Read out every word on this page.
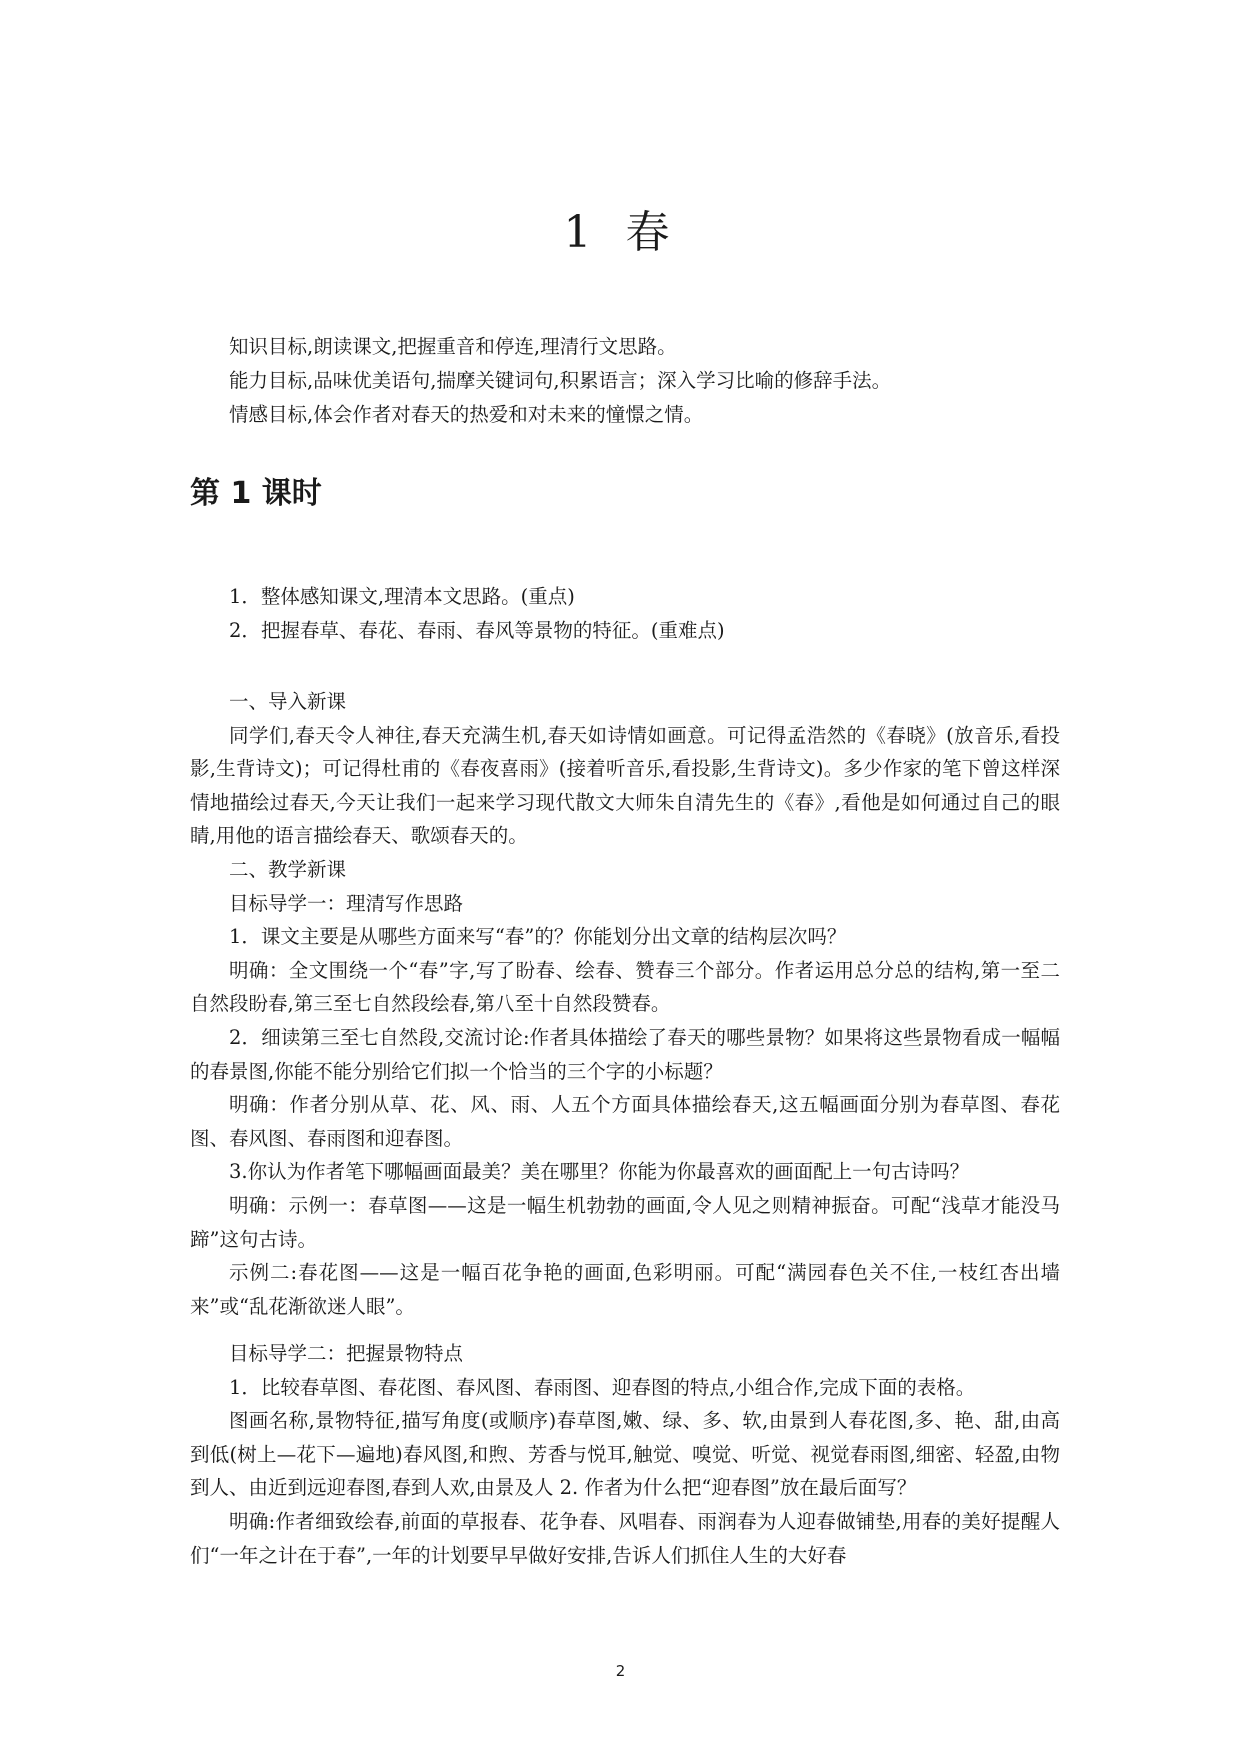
1 春

知识目标,朗读课文,把握重音和停连,理清行文思路。

能力目标,品味优美语句,揣摩关键词句,积累语言；深入学习比喻的修辞手法。

情感目标,体会作者对春天的热爱和对未来的憧憬之情。

第 1 课时

1．整体感知课文,理清本文思路。(重点)

2．把握春草、春花、春雨、春风等景物的特征。(重难点)

一、导入新课

同学们,春天令人神往,春天充满生机,春天如诗情如画意。可记得孟浩然的《春晓》(放音乐,看投影,生背诗文)；可记得杜甫的《春夜喜雨》(接着听音乐,看投影,生背诗文)。多少作家的笔下曾这样深情地描绘过春天,今天让我们一起来学习现代散文大师朱自清先生的《春》,看他是如何通过自己的眼睛,用他的语言描绘春天、歌颂春天的。

二、教学新课

目标导学一：理清写作思路

1．课文主要是从哪些方面来写“春”的？你能划分出文章的结构层次吗？

明确：全文围绕一个“春”字,写了盼春、绘春、赞春三个部分。作者运用总分总的结构,第一至二自然段盼春,第三至七自然段绘春,第八至十自然段赞春。

2．细读第三至七自然段,交流讨论:作者具体描绘了春天的哪些景物？如果将这些景物看成一幅幅的春景图,你能不能分别给它们拟一个恰当的三个字的小标题？

明确：作者分别从草、花、风、雨、人五个方面具体描绘春天,这五幅画面分别为春草图、春花图、春风图、春雨图和迎春图。

3.你认为作者笔下哪幅画面最美？美在哪里？你能为你最喜欢的画面配上一句古诗吗？

明确：示例一：春草图——这是一幅生机勃勃的画面,令人见之则精神振奋。可配“浅草才能没马蹄”这句古诗。

示例二:春花图——这是一幅百花争艳的画面,色彩明丽。可配“满园春色关不住,一枝红杏出墙来”或“乱花渐欲迷人眼”。

目标导学二：把握景物特点

1．比较春草图、春花图、春风图、春雨图、迎春图的特点,小组合作,完成下面的表格。

图画名称,景物特征,描写角度(或顺序)春草图,嫩、绿、多、软,由景到人春花图,多、艳、甜,由高到低(树上—花下—遍地)春风图,和煦、芳香与悦耳,触觉、嗅觉、听觉、视觉春雨图,细密、轻盈,由物到人、由近到远迎春图,春到人欢,由景及人 2. 作者为什么把“迎春图”放在最后面写？

明确:作者细致绘春,前面的草报春、花争春、风唱春、雨润春为人迎春做铺垫,用春的美好提醒人们“一年之计在于春”,一年的计划要早早做好安排,告诉人们抓住人生的大好春

2
